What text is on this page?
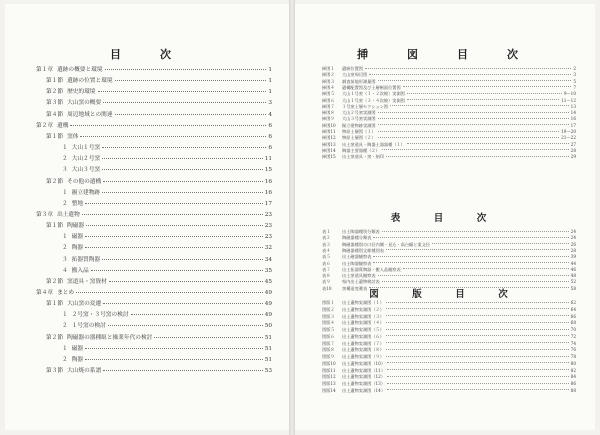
目　次
第１章 遺跡の概要と環境	1
第１節 遺跡の位置と環境	1
第２節 歴史的環境	1
第３節 大山窯の概要	3
第４節 周辺地域との関連	4
第２章 遺構	6
第１節 窯体	6
１ 大山１号窯	6
２ 大山２号窯	11
３ 大山３号窯	15
第２節 その他の遺構	16
１ 掘立建物跡	16
２ 整地	17
第３章 出土遺物	23
第１節 陶磁器	23
１ 磁器	23
２ 陶器	32
３ 拓器質陶器	34
４ 搬入品	35
第２節 窯道具・窯資材	45
第４章 まとめ	49
第１節 大山窯の変遷	49
１ ２号窯・３号窯の検討	49
２ １号窯の検討	50
第２節 陶磁器の器種組と操業年代の検討	51
１ 磁器	51
２ 陶器	51
第３節 大山焼の系譜	53
挿　図　目　次
挿図１	遺跡位置図	2
挿図２	大山窯周辺図	3
挿図３	調査前地形測量図	5
挿図４	遺構配置図及び土層断面位置図	7
挿図５	大山１号窯（１・２次焼）実測図	9～10
挿図６	大山１号窯（３・４次焼）実測図	11～12
挿図７	１号窯土層セクション図	13
挿図８	大山２号窯実測図	14
挿図９	大山３号窯実測図	16
挿図10	掘立建物跡実測図	17
挿図11	物原土層図（１）	19～20
挿図12	物原土層図（２）	21～22
挿図13	出土窯道具・陶器土器器種（１）	27
挿図14	陶器主要器種（２）	28
挿図15	出土窯道具・窯・刻印	29
表　目　次
表１	出土陶器種別分類表	24
表２	陶磁器種分類表	24
表３	陶磁器種別の口径内側・見込・高台幅と重文径	26
表４	陶磁器種別文様種別表	28
表５	出土磁器観察表	39
表６	出土陶器観察表	44
表７	出土拓器質陶器・搬入品観察表	46
表８	出土窯道具観察表	48
表９	県内出土遺物検討表	52
表10	窯構造変遷表	58
図　版　目　次
図版１	出土遺物実測図（１）	62
図版２	出土遺物実測図（２）	64
図版３	出土遺物実測図（３）	66
図版４	出土遺物実測図（４）	68
図版５	出土遺物実測図（５）	70
図版６	出土遺物実測図（６）	72
図版７	出土遺物実測図（７）	74
図版８	出土遺物実測図（８）	76
図版９	出土遺物実測図（９）	78
図版10	出土遺物実測図（10）	80
図版11	出土遺物実測図（11）	82
図版12	出土遺物実測図（12）	84
図版13	出土遺物実測図（13）	86
図版14	出土遺物実測図（14）	88
